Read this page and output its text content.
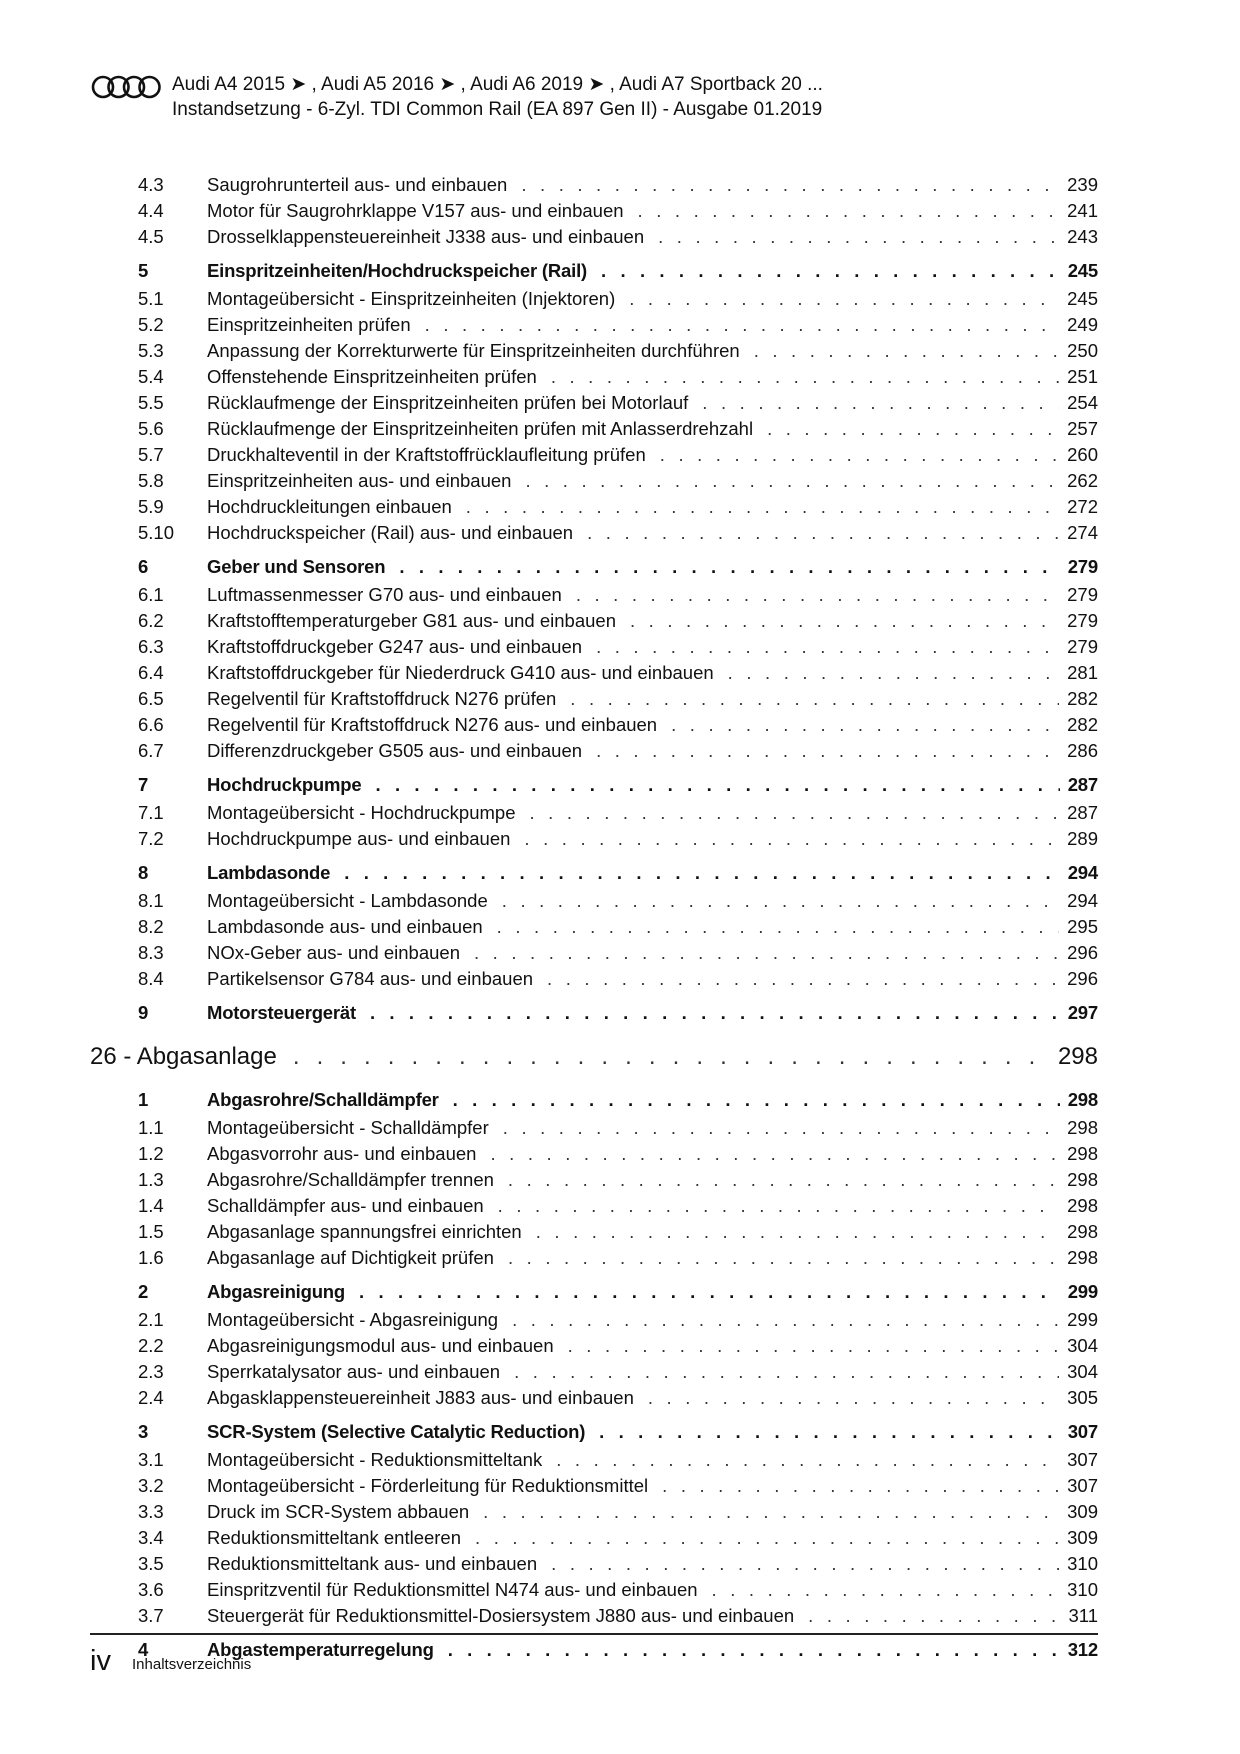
Audi A4 2015 ➤ , Audi A5 2016 ➤ , Audi A6 2019 ➤ , Audi A7 Sportback 20 ...
Instandsetzung - 6-Zyl. TDI Common Rail (EA 897 Gen II) - Ausgabe 01.2019
4.3 Saugrohrunterteil aus- und einbauen . . .	239
4.4 Motor für Saugrohrklappe V157 aus- und einbauen . . .	241
4.5 Drosselklappensteuereinheit J338 aus- und einbauen . . .	243
5	Einspritzeinheiten/Hochdruckspeicher (Rail) . . .	245
5.1 Montageübersicht - Einspritzeinheiten (Injektoren) . . .	245
5.2 Einspritzeinheiten prüfen . . .	249
5.3 Anpassung der Korrekturwerte für Einspritzeinheiten durchführen . . .	250
5.4 Offenstehende Einspritzeinheiten prüfen . . .	251
5.5 Rücklaufmenge der Einspritzeinheiten prüfen bei Motorlauf . . .	254
5.6 Rücklaufmenge der Einspritzeinheiten prüfen mit Anlasserdrehzahl . . .	257
5.7 Druckhalteventil in der Kraftstoffrücklaufleitung prüfen . . .	260
5.8 Einspritzeinheiten aus- und einbauen . . .	262
5.9 Hochdruckleitungen einbauen . . .	272
5.10 Hochdruckspeicher (Rail) aus- und einbauen . . .	274
6	Geber und Sensoren . . .	279
6.1 Luftmassenmesser G70 aus- und einbauen . . .	279
6.2 Kraftstofftemperaturgeber G81 aus- und einbauen . . .	279
6.3 Kraftstoffdruckgeber G247 aus- und einbauen . . .	279
6.4 Kraftstoffdruckgeber für Niederdruck G410 aus- und einbauen . . .	281
6.5 Regelventil für Kraftstoffdruck N276 prüfen . . .	282
6.6 Regelventil für Kraftstoffdruck N276 aus- und einbauen . . .	282
6.7 Differenzdruckgeber G505 aus- und einbauen . . .	286
7	Hochdruckpumpe . . .	287
7.1 Montageübersicht - Hochdruckpumpe . . .	287
7.2 Hochdruckpumpe aus- und einbauen . . .	289
8	Lambdasonde . . .	294
8.1 Montageübersicht - Lambdasonde . . .	294
8.2 Lambdasonde aus- und einbauen . . .	295
8.3 NOx-Geber aus- und einbauen . . .	296
8.4 Partikelsensor G784 aus- und einbauen . . .	296
9	Motorsteuergerät . . .	297
26 - Abgasanlage . . .	298
1	Abgasrohre/Schalldämpfer . . .	298
1.1 Montageübersicht - Schalldämpfer . . .	298
1.2 Abgasvorrohr aus- und einbauen . . .	298
1.3 Abgasrohre/Schalldämpfer trennen . . .	298
1.4 Schalldämpfer aus- und einbauen . . .	298
1.5 Abgasanlage spannungsfrei einrichten . . .	298
1.6 Abgasanlage auf Dichtigkeit prüfen . . .	298
2	Abgasreinigung . . .	299
2.1 Montageübersicht - Abgasreinigung . . .	299
2.2 Abgasreinigungsmodul aus- und einbauen . . .	304
2.3 Sperrkatalysator aus- und einbauen . . .	304
2.4 Abgasklappensteuereinheit J883 aus- und einbauen . . .	305
3	SCR-System (Selective Catalytic Reduction) . . .	307
3.1 Montageübersicht - Reduktionsmitteltank . . .	307
3.2 Montageübersicht - Förderleitung für Reduktionsmittel . . .	307
3.3 Druck im SCR-System abbauen . . .	309
3.4 Reduktionsmitteltank entleeren . . .	309
3.5 Reduktionsmitteltank aus- und einbauen . . .	310
3.6 Einspritzventil für Reduktionsmittel N474 aus- und einbauen . . .	310
3.7 Steuergerät für Reduktionsmittel-Dosiersystem J880 aus- und einbauen . . .	311
4	Abgastemperaturregelung . . .	312
iv Inhaltsverzeichnis
